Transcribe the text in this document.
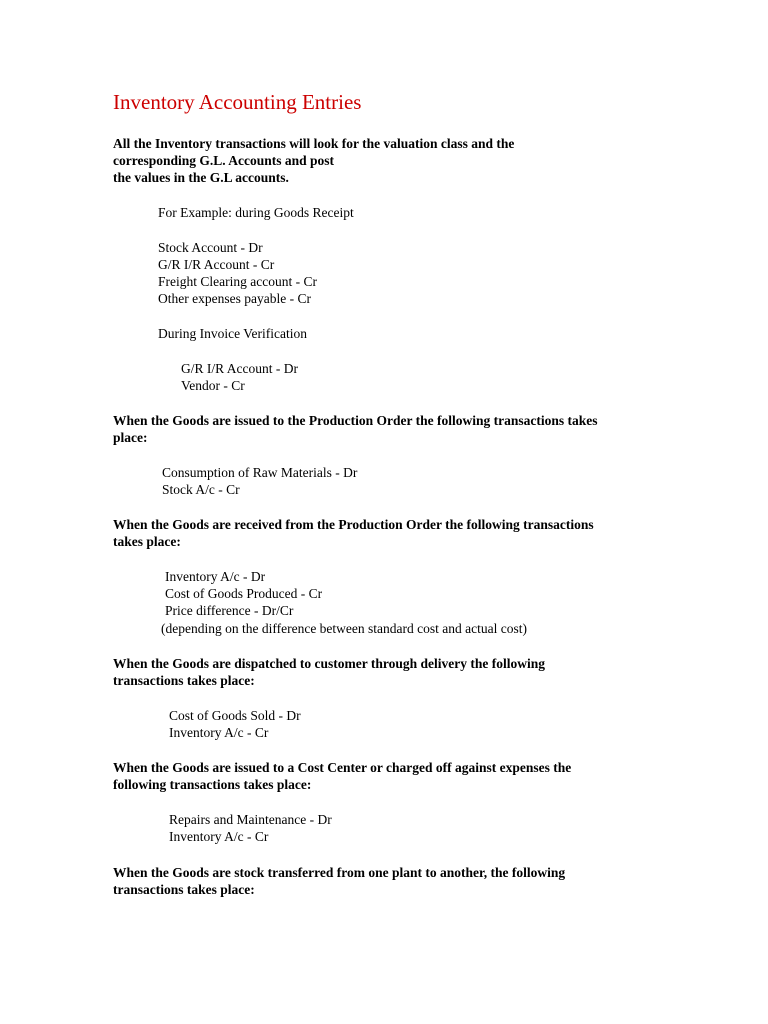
Inventory Accounting Entries

All the Inventory transactions will look for the valuation class and the

corresponding G.L. Accounts and post

the values in the G.L accounts.

For Example: during Goods Receipt

Stock Account - Dr

G/R I/R Account - Cr

Freight Clearing account - Cr

Other expenses payable - Cr

During Invoice Verification

G/R I/R Account - Dr

Vendor - Cr

When the Goods are issued to the Production Order the following transactions takes

place:

Consumption of Raw Materials - Dr

Stock A/c - Cr

When the Goods are received from the Production Order the following transactions

takes place:

Inventory A/c - Dr

Cost of Goods Produced - Cr

Price difference - Dr/Cr

(depending on the difference between standard cost and actual cost)

When the Goods are dispatched to customer through delivery the following

transactions takes place:

Cost of Goods Sold - Dr

Inventory A/c - Cr

When the Goods are issued to a Cost Center or charged off against expenses the

following transactions takes place:

Repairs and Maintenance - Dr

Inventory A/c - Cr

When the Goods are stock transferred from one plant to another, the following

transactions takes place:
